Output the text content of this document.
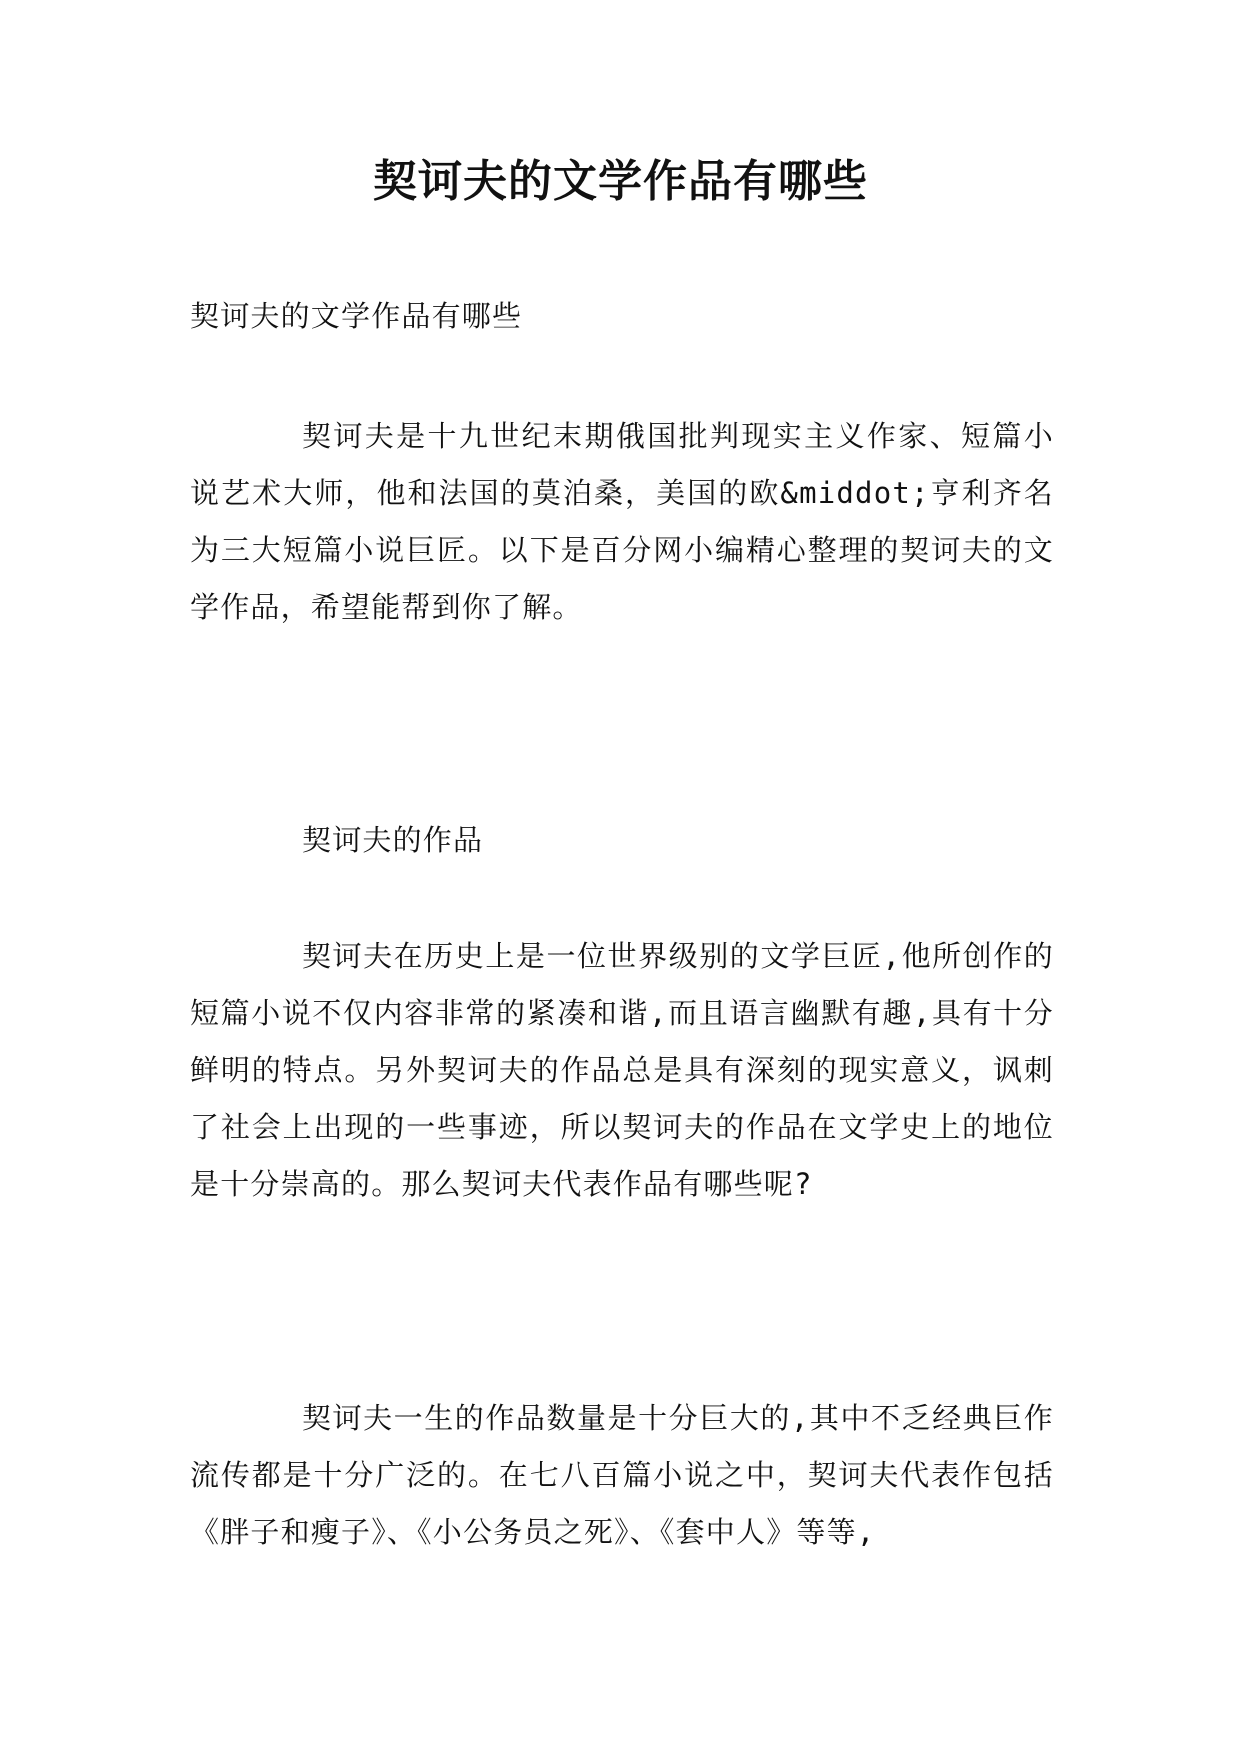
契诃夫的文学作品有哪些

契诃夫的文学作品有哪些

契诃夫是十九世纪末期俄国批判现实主义作家、短篇小说艺术大师，他和法国的莫泊桑，美国的欧&middot;亨利齐名为三大短篇小说巨匠。以下是百分网小编精心整理的契诃夫的文学作品，希望能帮到你了解。

契诃夫的作品

契诃夫在历史上是一位世界级别的文学巨匠,他所创作的短篇小说不仅内容非常的紧凑和谐,而且语言幽默有趣,具有十分鲜明的特点。另外契诃夫的作品总是具有深刻的现实意义，讽刺了社会上出现的一些事迹，所以契诃夫的作品在文学史上的地位是十分崇高的。那么契诃夫代表作品有哪些呢?

契诃夫一生的作品数量是十分巨大的,其中不乏经典巨作流传都是十分广泛的。在七八百篇小说之中，契诃夫代表作包括《胖子和瘦子》、《小公务员之死》、《套中人》等等,
